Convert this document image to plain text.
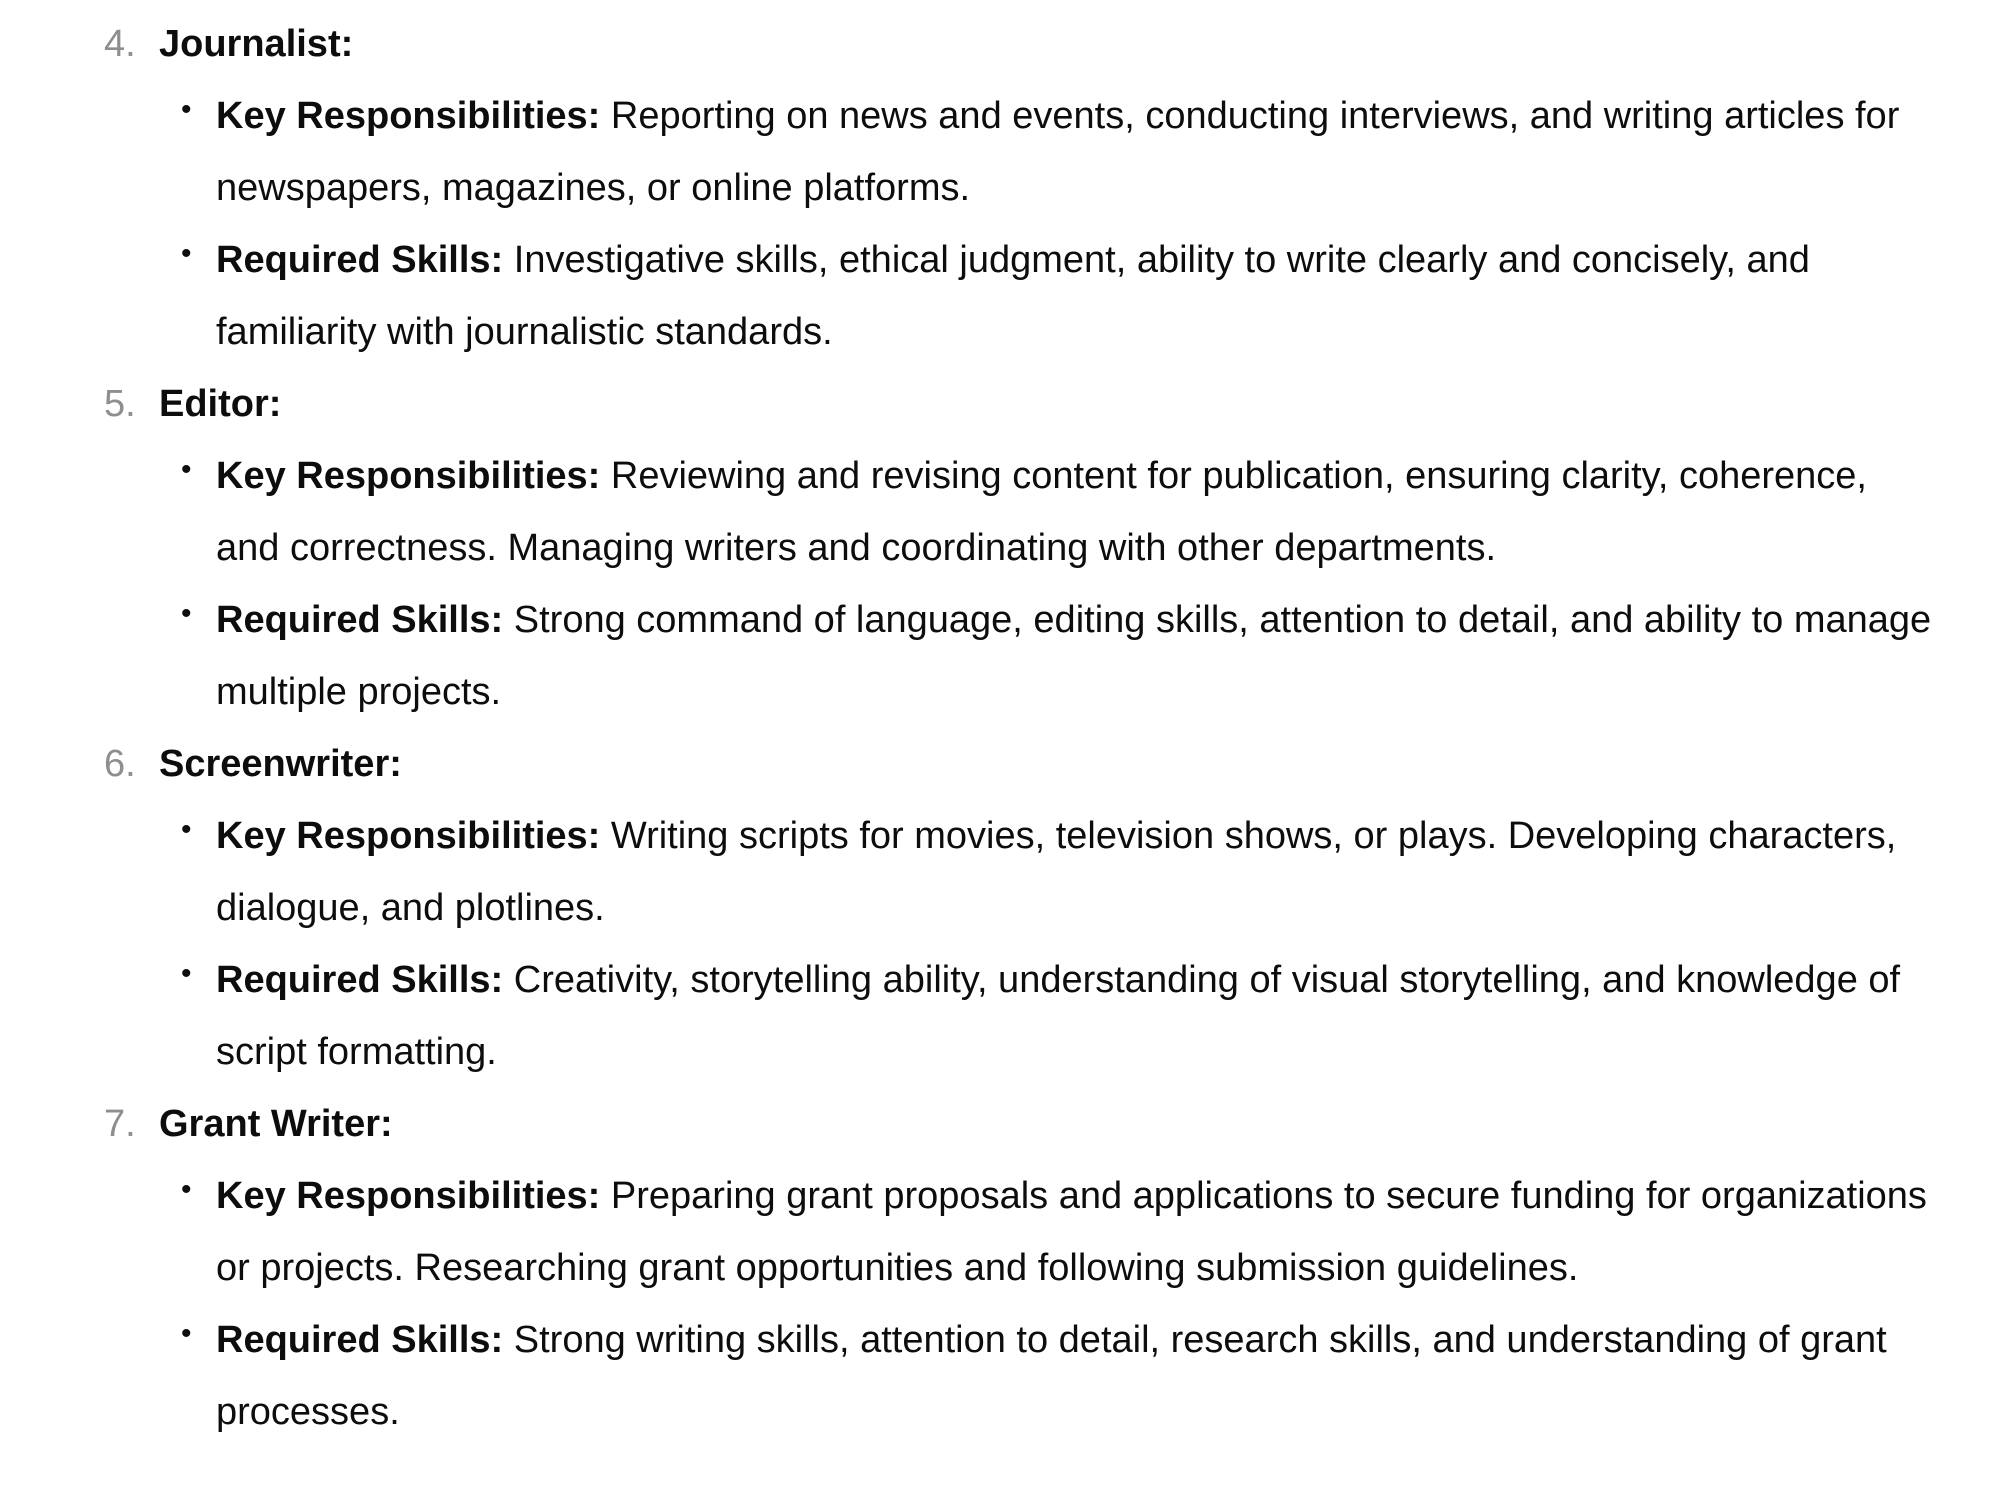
4. Journalist:
• Key Responsibilities: Reporting on news and events, conducting interviews, and writing articles for newspapers, magazines, or online platforms.
• Required Skills: Investigative skills, ethical judgment, ability to write clearly and concisely, and familiarity with journalistic standards.
5. Editor:
• Key Responsibilities: Reviewing and revising content for publication, ensuring clarity, coherence, and correctness. Managing writers and coordinating with other departments.
• Required Skills: Strong command of language, editing skills, attention to detail, and ability to manage multiple projects.
6. Screenwriter:
• Key Responsibilities: Writing scripts for movies, television shows, or plays. Developing characters, dialogue, and plotlines.
• Required Skills: Creativity, storytelling ability, understanding of visual storytelling, and knowledge of script formatting.
7. Grant Writer:
• Key Responsibilities: Preparing grant proposals and applications to secure funding for organizations or projects. Researching grant opportunities and following submission guidelines.
• Required Skills: Strong writing skills, attention to detail, research skills, and understanding of grant processes.
